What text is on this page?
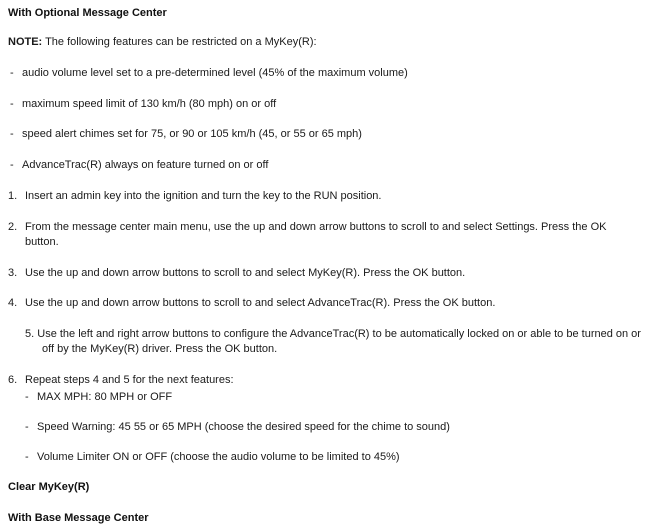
With Optional Message Center

NOTE: The following features can be restricted on a MyKey(R):

- audio volume level set to a pre-determined level (45% of the maximum volume)
- maximum speed limit of 130 km/h (80 mph) on or off
- speed alert chimes set for 75, or 90 or 105 km/h (45, or 55 or 65 mph)
- AdvanceTrac(R) always on feature turned on or off
1. Insert an admin key into the ignition and turn the key to the RUN position.
2. From the message center main menu, use the up and down arrow buttons to scroll to and select Settings. Press the OK button.
3. Use the up and down arrow buttons to scroll to and select MyKey(R). Press the OK button.
4. Use the up and down arrow buttons to scroll to and select AdvanceTrac(R). Press the OK button.
5. Use the left and right arrow buttons to configure the AdvanceTrac(R) to be automatically locked on or able to be turned on or off by the MyKey(R) driver. Press the OK button.
6. Repeat steps 4 and 5 for the next features:
- MAX MPH: 80 MPH or OFF
- Speed Warning: 45 55 or 65 MPH (choose the desired speed for the chime to sound)
- Volume Limiter ON or OFF (choose the audio volume to be limited to 45%)
Clear MyKey(R)
With Base Message Center
